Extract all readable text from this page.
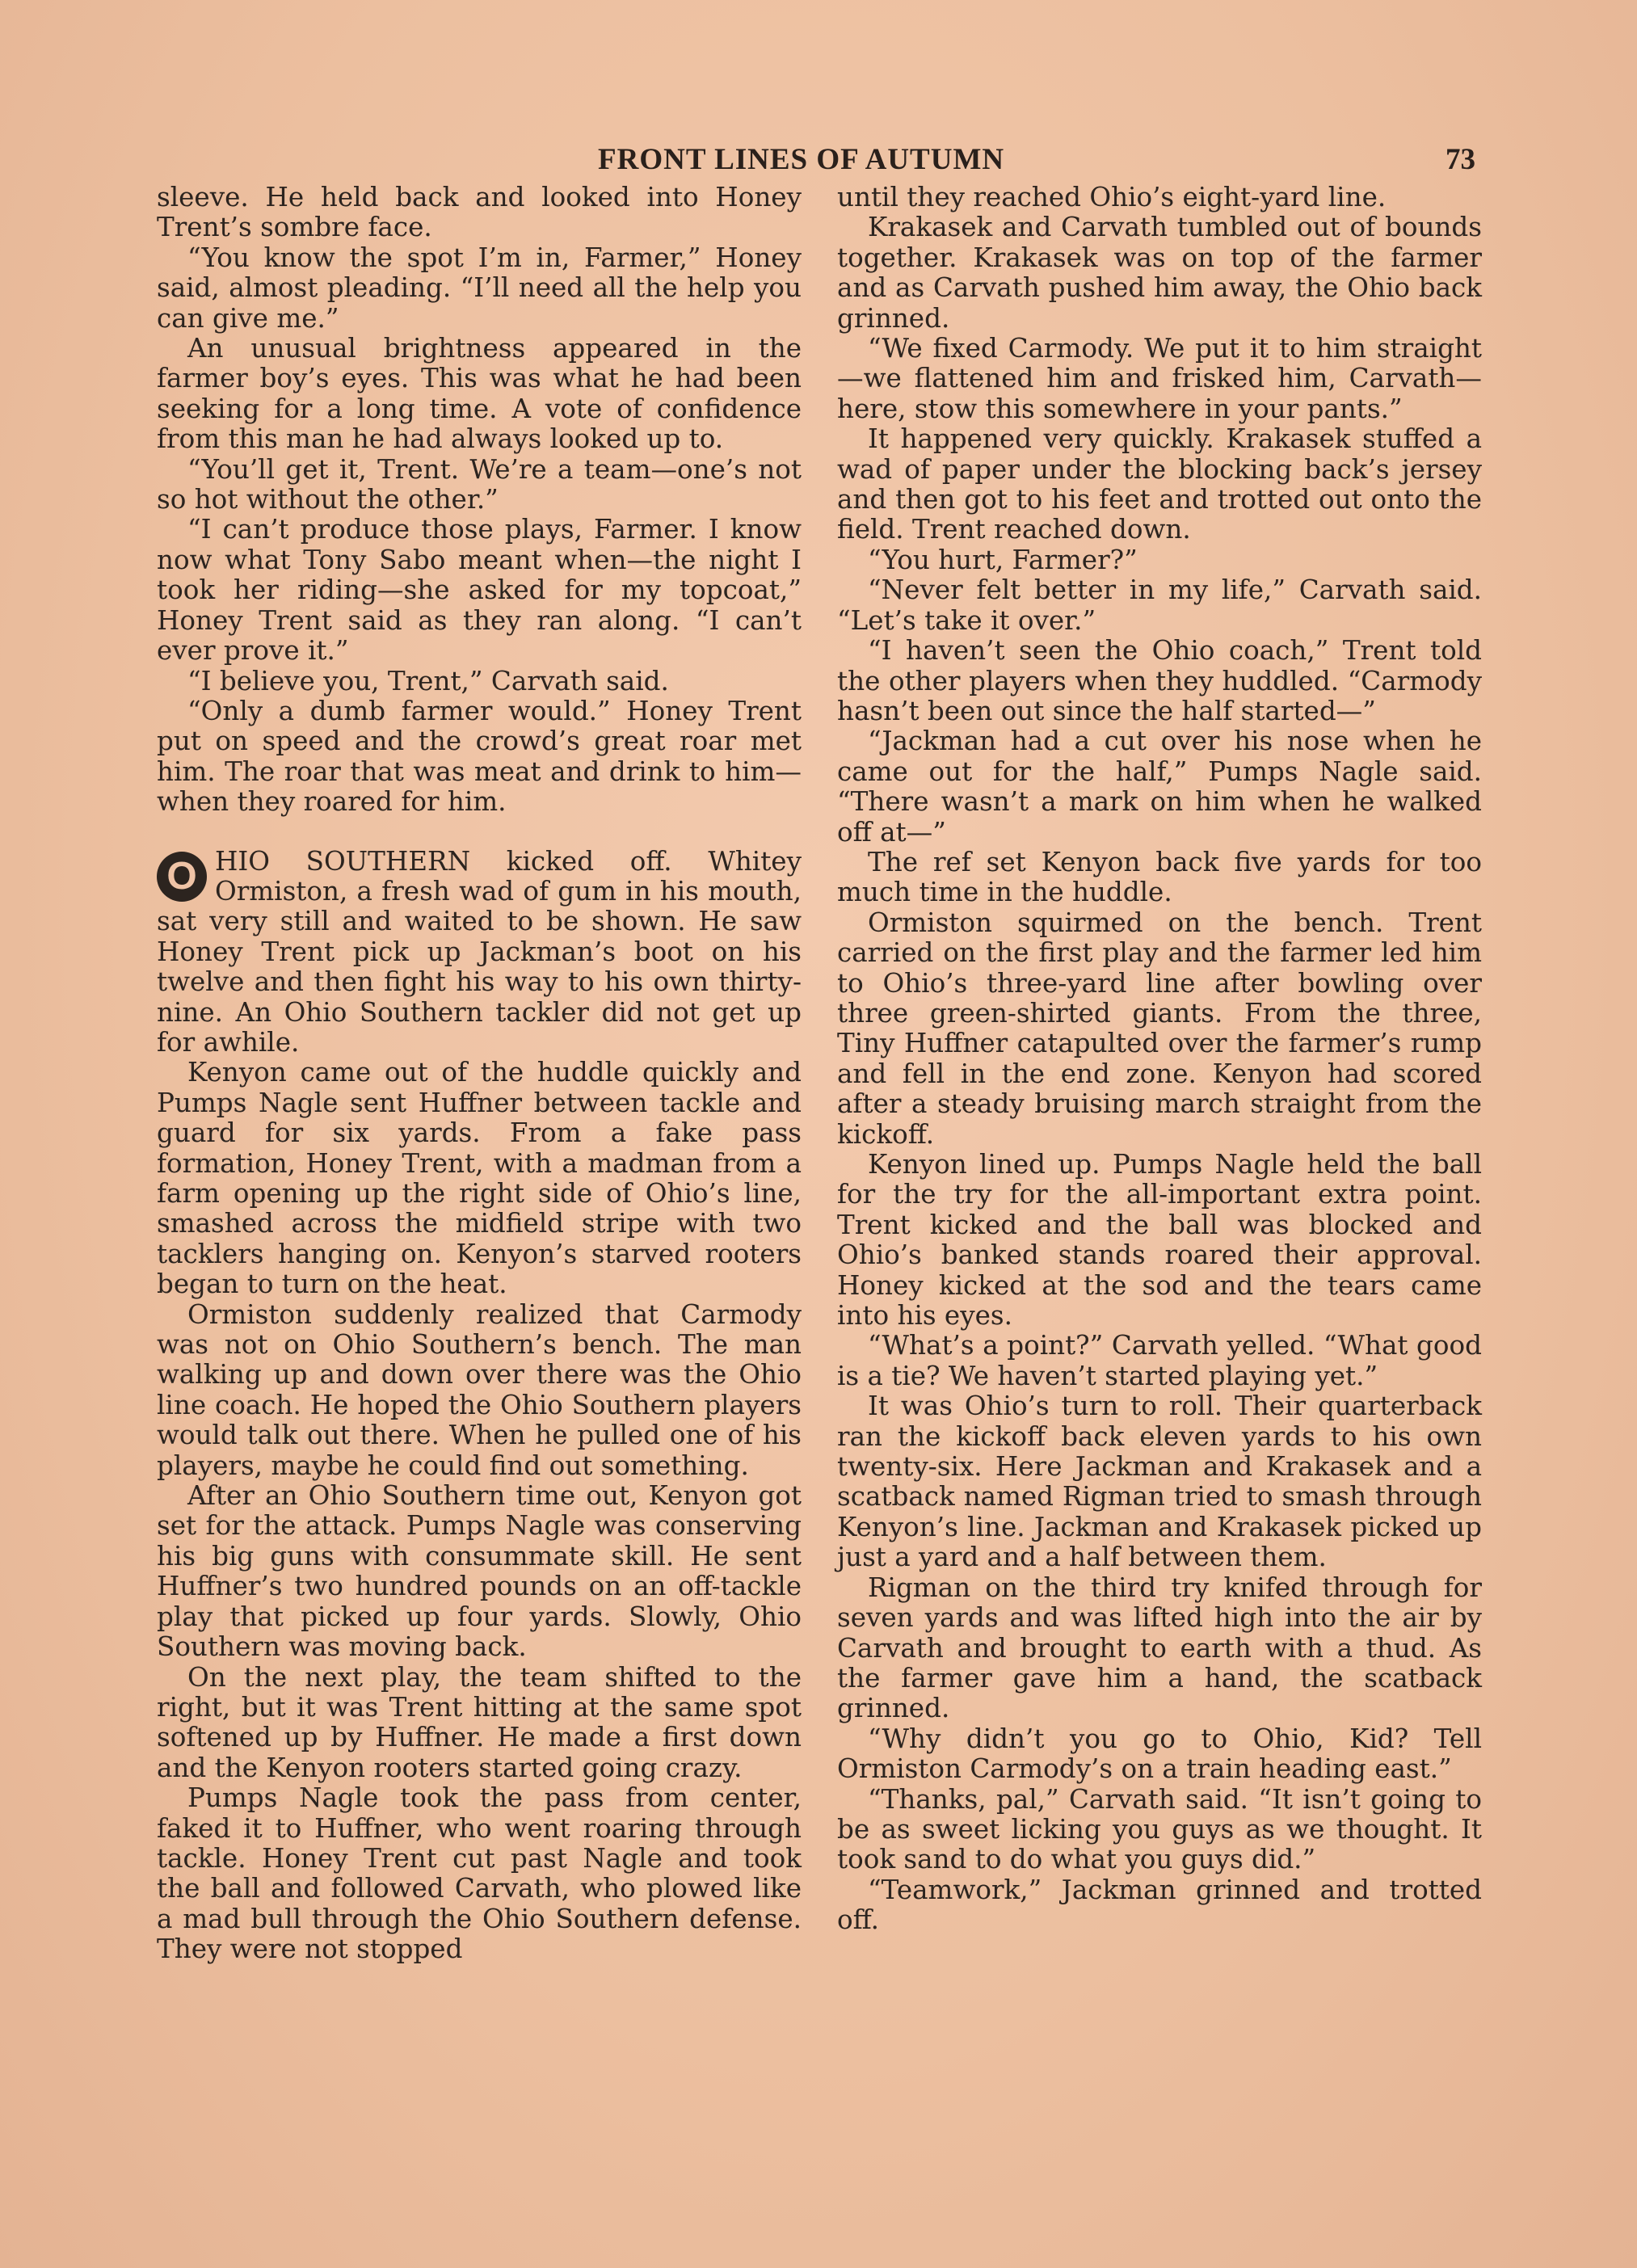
FRONT LINES OF AUTUMN	73

sleeve. He held back and looked into Honey Trent’s sombre face.

“You know the spot I’m in, Farmer,” Honey said, almost pleading. “I’ll need all the help you can give me.”

An unusual brightness appeared in the farmer boy’s eyes. This was what he had been seeking for a long time. A vote of confidence from this man he had always looked up to.

“You’ll get it, Trent. We’re a team—one’s not so hot without the other.”

“I can’t produce those plays, Farmer. I know now what Tony Sabo meant when—the night I took her riding—she asked for my topcoat,” Honey Trent said as they ran along. “I can’t ever prove it.”

“I believe you, Trent,” Carvath said.

“Only a dumb farmer would.” Honey Trent put on speed and the crowd’s great roar met him. The roar that was meat and drink to him—when they roared for him.

O HIO SOUTHERN kicked off. Whitey Ormiston, a fresh wad of gum in his mouth, sat very still and waited to be shown. He saw Honey Trent pick up Jackman’s boot on his twelve and then fight his way to his own thirty-nine. An Ohio Southern tackler did not get up for awhile.

Kenyon came out of the huddle quickly and Pumps Nagle sent Huffner between tackle and guard for six yards. From a fake pass formation, Honey Trent, with a madman from a farm opening up the right side of Ohio’s line, smashed across the midfield stripe with two tacklers hanging on. Kenyon’s starved rooters began to turn on the heat.

Ormiston suddenly realized that Carmody was not on Ohio Southern’s bench. The man walking up and down over there was the Ohio line coach. He hoped the Ohio Southern players would talk out there. When he pulled one of his players, maybe he could find out something.

After an Ohio Southern time out, Kenyon got set for the attack. Pumps Nagle was conserving his big guns with consummate skill. He sent Huffner’s two hundred pounds on an off-tackle play that picked up four yards. Slowly, Ohio Southern was moving back.

On the next play, the team shifted to the right, but it was Trent hitting at the same spot softened up by Huffner. He made a first down and the Kenyon rooters started going crazy.

Pumps Nagle took the pass from center, faked it to Huffner, who went roaring through tackle. Honey Trent cut past Nagle and took the ball and followed Carvath, who plowed like a mad bull through the Ohio Southern defense. They were not stopped

until they reached Ohio’s eight-yard line.

Krakasek and Carvath tumbled out of bounds together. Krakasek was on top of the farmer and as Carvath pushed him away, the Ohio back grinned.

“We fixed Carmody. We put it to him straight—we flattened him and frisked him, Carvath—here, stow this somewhere in your pants.”

It happened very quickly. Krakasek stuffed a wad of paper under the blocking back’s jersey and then got to his feet and trotted out onto the field. Trent reached down.

“You hurt, Farmer?”

“Never felt better in my life,” Carvath said. “Let’s take it over.”

“I haven’t seen the Ohio coach,” Trent told the other players when they huddled. “Carmody hasn’t been out since the half started—”

“Jackman had a cut over his nose when he came out for the half,” Pumps Nagle said. “There wasn’t a mark on him when he walked off at—”

The ref set Kenyon back five yards for too much time in the huddle.

Ormiston squirmed on the bench. Trent carried on the first play and the farmer led him to Ohio’s three-yard line after bowling over three green-shirted giants. From the three, Tiny Huffner catapulted over the farmer’s rump and fell in the end zone. Kenyon had scored after a steady bruising march straight from the kickoff.

Kenyon lined up. Pumps Nagle held the ball for the try for the all-important extra point. Trent kicked and the ball was blocked and Ohio’s banked stands roared their approval. Honey kicked at the sod and the tears came into his eyes.

“What’s a point?” Carvath yelled. “What good is a tie? We haven’t started playing yet.”

It was Ohio’s turn to roll. Their quarterback ran the kickoff back eleven yards to his own twenty-six. Here Jackman and Krakasek and a scatback named Rigman tried to smash through Kenyon’s line. Jackman and Krakasek picked up just a yard and a half between them.

Rigman on the third try knifed through for seven yards and was lifted high into the air by Carvath and brought to earth with a thud. As the farmer gave him a hand, the scatback grinned.

“Why didn’t you go to Ohio, Kid? Tell Ormiston Carmody’s on a train heading east.”

“Thanks, pal,” Carvath said. “It isn’t going to be as sweet licking you guys as we thought. It took sand to do what you guys did.”

“Teamwork,” Jackman grinned and trotted off.
